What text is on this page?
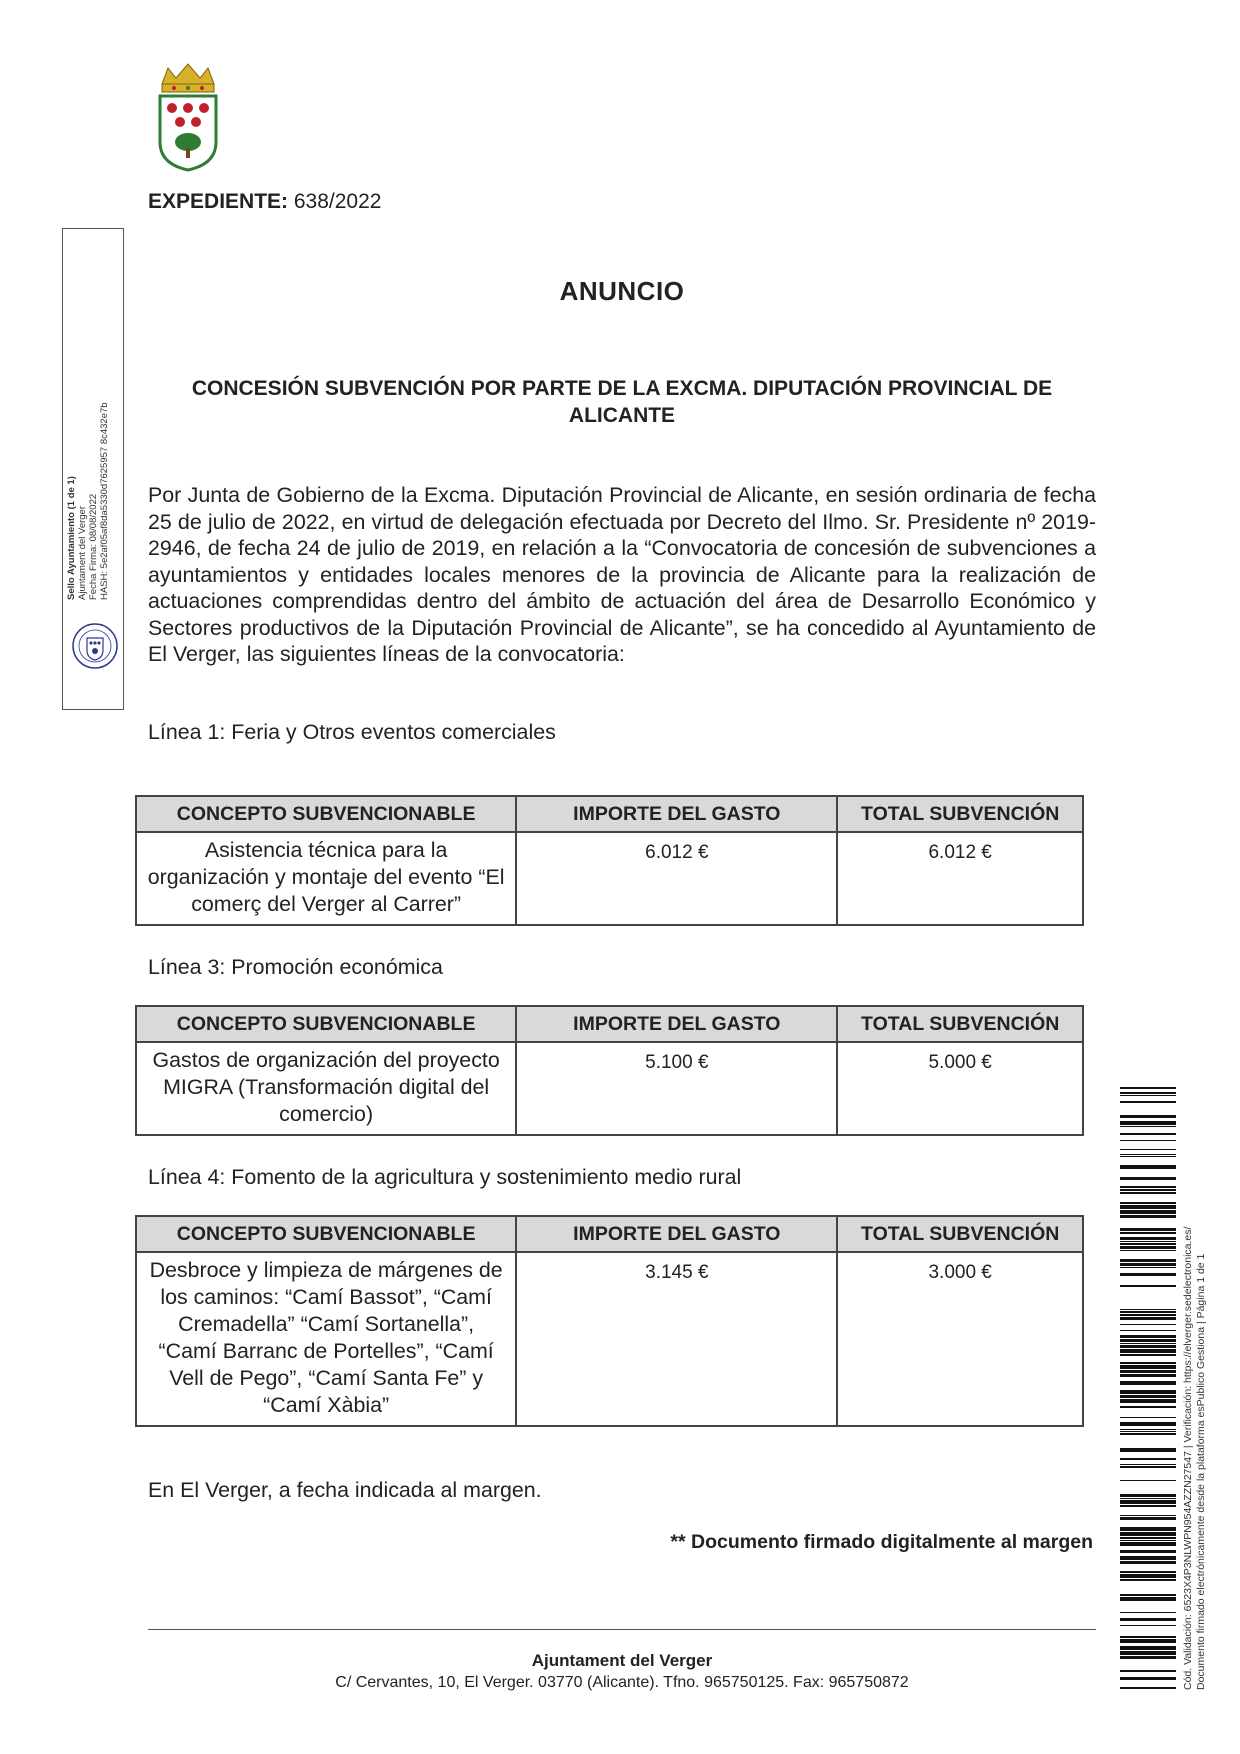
EXPEDIENTE: 638/2022
ANUNCIO
CONCESIÓN SUBVENCIÓN POR PARTE DE LA EXCMA. DIPUTACIÓN PROVINCIAL DE ALICANTE
Por Junta de Gobierno de la Excma. Diputación Provincial de Alicante, en sesión ordinaria de fecha 25 de julio de 2022, en virtud de delegación efectuada por Decreto del Ilmo. Sr. Presidente nº 2019-2946, de fecha 24 de julio de 2019, en relación a la “Convocatoria de concesión de subvenciones a ayuntamientos y entidades locales menores de la provincia de Alicante para la realización de actuaciones comprendidas dentro del ámbito de actuación del área de Desarrollo Económico y Sectores productivos de la Diputación Provincial de Alicante”, se ha concedido al Ayuntamiento de El Verger, las siguientes líneas de la convocatoria:
Línea 1: Feria y Otros eventos comerciales
CONCEPTO SUBVENCIONABLE	IMPORTE DEL GASTO	TOTAL SUBVENCIÓN
Asistencia técnica para la organización y montaje del evento “El comerç del Verger al Carrer”	6.012 €	6.012 €
Línea 3: Promoción económica
CONCEPTO SUBVENCIONABLE	IMPORTE DEL GASTO	TOTAL SUBVENCIÓN
Gastos de organización del proyecto MIGRA (Transformación digital del comercio)	5.100 €	5.000 €
Línea 4: Fomento de la agricultura y sostenimiento medio rural
CONCEPTO SUBVENCIONABLE	IMPORTE DEL GASTO	TOTAL SUBVENCIÓN
Desbroce y limpieza de márgenes de los caminos: “Camí Bassot”, “Camí Cremadella” “Camí Sortanella”, “Camí Barranc de Portelles”, “Camí Vell de Pego”, “Camí Santa Fe” y “Camí Xàbia”	3.145 €	3.000 €
En El Verger, a fecha indicada al margen.
** Documento firmado digitalmente al margen
Ajuntament del Verger
C/ Cervantes, 10, El Verger. 03770 (Alicante). Tfno. 965750125. Fax: 965750872
Sello Ayuntamiento (1 de 1) Ajuntament del Verger Fecha Firma: 08/08/2022 HASH: 5e2af05af8da5330d7625957 8c432e7b
Cód. Validación: 6523X4P3NLWPN954AZZN27547 | Verificación: https://elverger.sedelectronica.es/ Documento firmado electrónicamente desde la plataforma esPublico Gestiona | Página 1 de 1
